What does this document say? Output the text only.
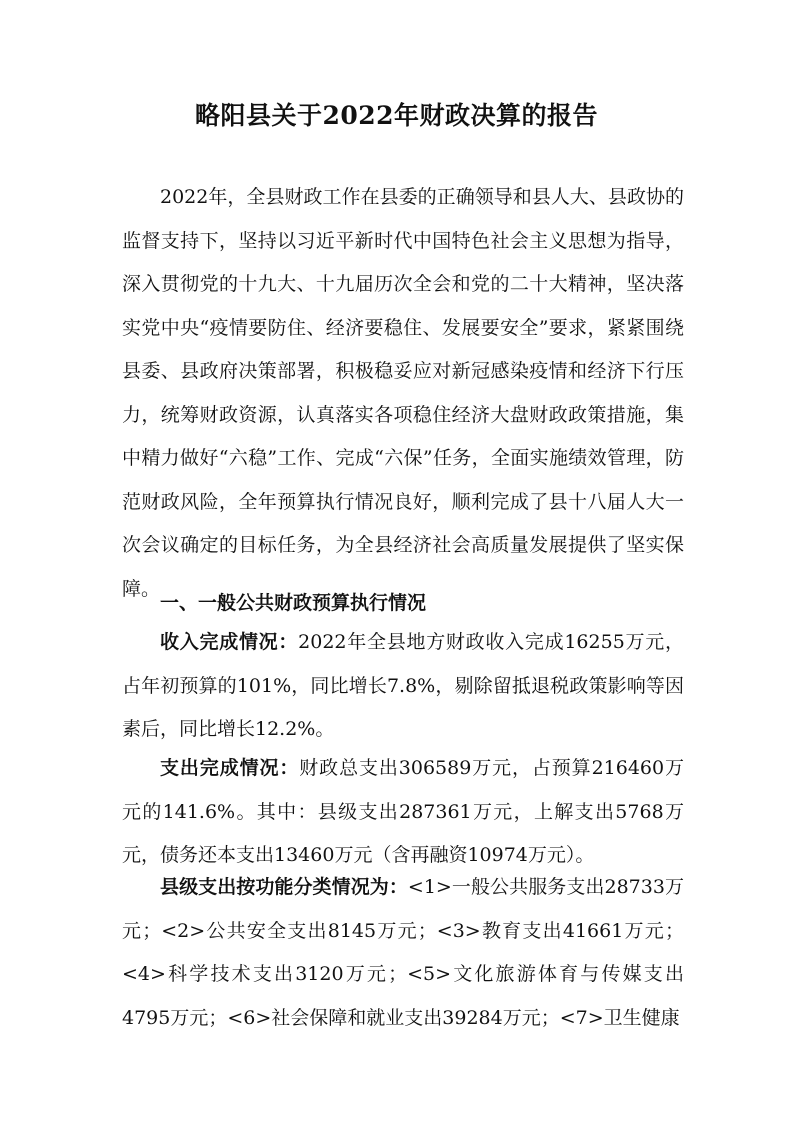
略阳县关于2022年财政决算的报告

2022年，全县财政工作在县委的正确领导和县人大、县政协的监督支持下，坚持以习近平新时代中国特色社会主义思想为指导，深入贯彻党的十九大、十九届历次全会和党的二十大精神，坚决落实党中央“疫情要防住、经济要稳住、发展要安全”要求，紧紧围绕县委、县政府决策部署，积极稳妥应对新冠感染疫情和经济下行压力，统筹财政资源，认真落实各项稳住经济大盘财政政策措施，集中精力做好“六稳”工作、完成“六保”任务，全面实施绩效管理，防范财政风险，全年预算执行情况良好，顺利完成了县十八届人大一次会议确定的目标任务，为全县经济社会高质量发展提供了坚实保障。

一、一般公共财政预算执行情况

收入完成情况：2022年全县地方财政收入完成16255万元，占年初预算的101%，同比增长7.8%，剔除留抵退税政策影响等因素后，同比增长12.2%。

支出完成情况：财政总支出306589万元，占预算216460万元的141.6%。其中：县级支出287361万元，上解支出5768万元，债务还本支出13460万元（含再融资10974万元）。

县级支出按功能分类情况为：<1>一般公共服务支出28733万元；<2>公共安全支出8145万元；<3>教育支出41661万元；<4>科学技术支出3120万元；<5>文化旅游体育与传媒支出4795万元；<6>社会保障和就业支出39284万元；<7>卫生健康
